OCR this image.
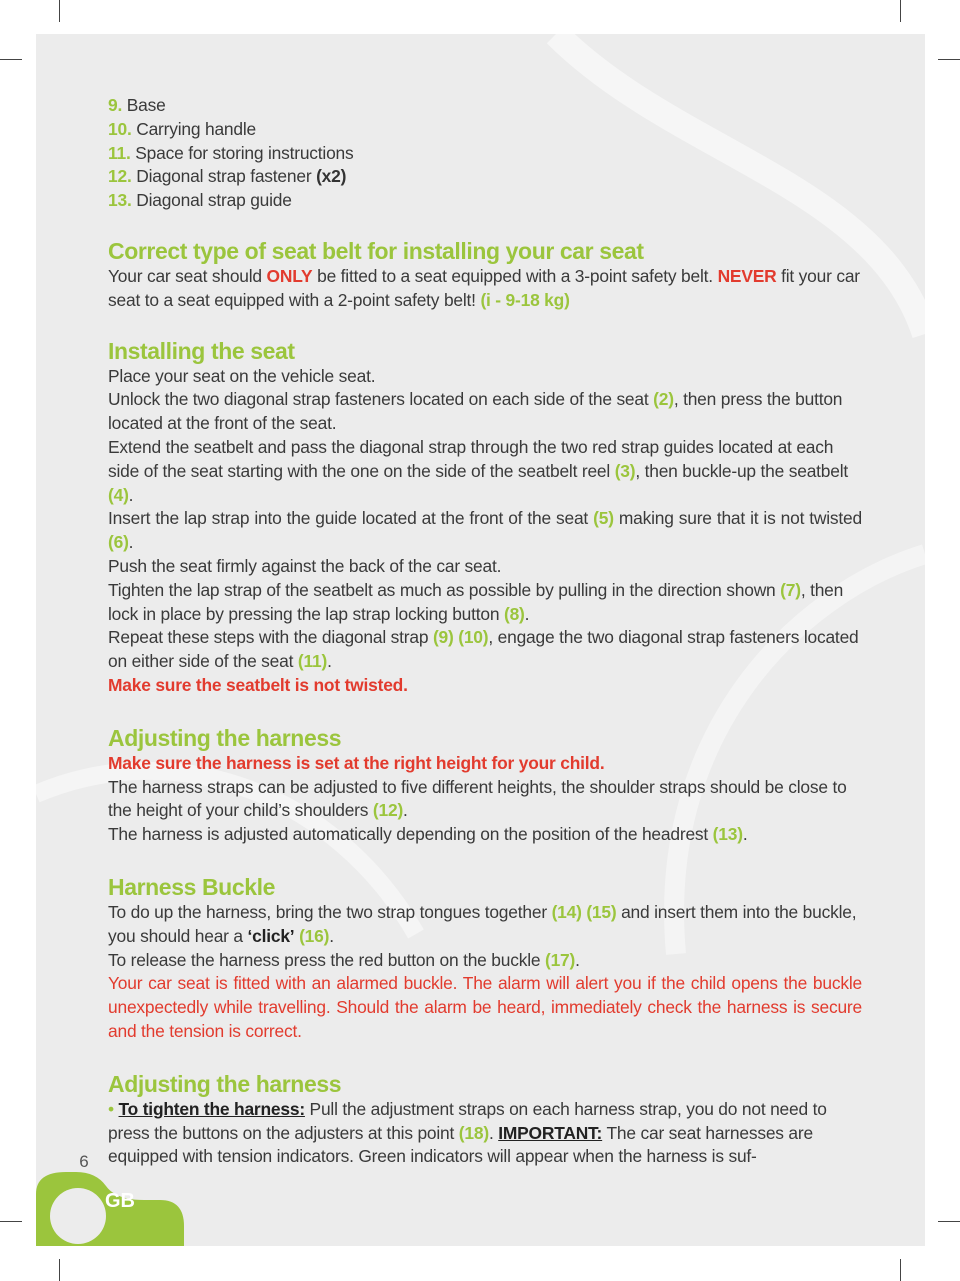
9. Base

10. Carrying handle

11. Space for storing instructions

12. Diagonal strap fastener (x2)

13. Diagonal strap guide

Correct type of seat belt for installing your car seat

Your car seat should ONLY be fitted to a seat equipped with a 3-point safety belt. NEVER fit your car seat to a seat equipped with a 2-point safety belt! (i - 9-18 kg)

Installing the seat

Place your seat on the vehicle seat.

Unlock the two diagonal strap fasteners located on each side of the seat (2), then press the button located at the front of the seat.

Extend the seatbelt and pass the diagonal strap through the two red strap guides located at each side of the seat starting with the one on the side of the seatbelt reel (3), then buckle-up the seatbelt (4).

Insert the lap strap into the guide located at the front of the seat (5) making sure that it is not twisted (6).

Push the seat firmly against the back of the car seat.

Tighten the lap strap of the seatbelt as much as possible by pulling in the direction shown (7), then lock in place by pressing the lap strap locking button (8).

Repeat these steps with the diagonal strap (9) (10), engage the two diagonal strap fasteners located on either side of the seat (11).

Make sure the seatbelt is not twisted.

Adjusting the harness

Make sure the harness is set at the right height for your child.

The harness straps can be adjusted to five different heights, the shoulder straps should be close to the height of your child’s shoulders (12).

The harness is adjusted automatically depending on the position of the headrest (13).

Harness Buckle

To do up the harness, bring the two strap tongues together (14) (15) and insert them into the buckle, you should hear a ‘click’ (16).

To release the harness press the red button on the buckle (17).

Your car seat is fitted with an alarmed buckle. The alarm will alert you if the child opens the buckle unexpectedly while travelling. Should the alarm be heard, immediately check the harness is secure and the tension is correct.

Adjusting the harness

• To tighten the harness: Pull the adjustment straps on each harness strap, you do not need to press the buttons on the adjusters at this point (18). IMPORTANT: The car seat harnesses are equipped with tension indicators. Green indicators will appear when the harness is suf-

6
GB
